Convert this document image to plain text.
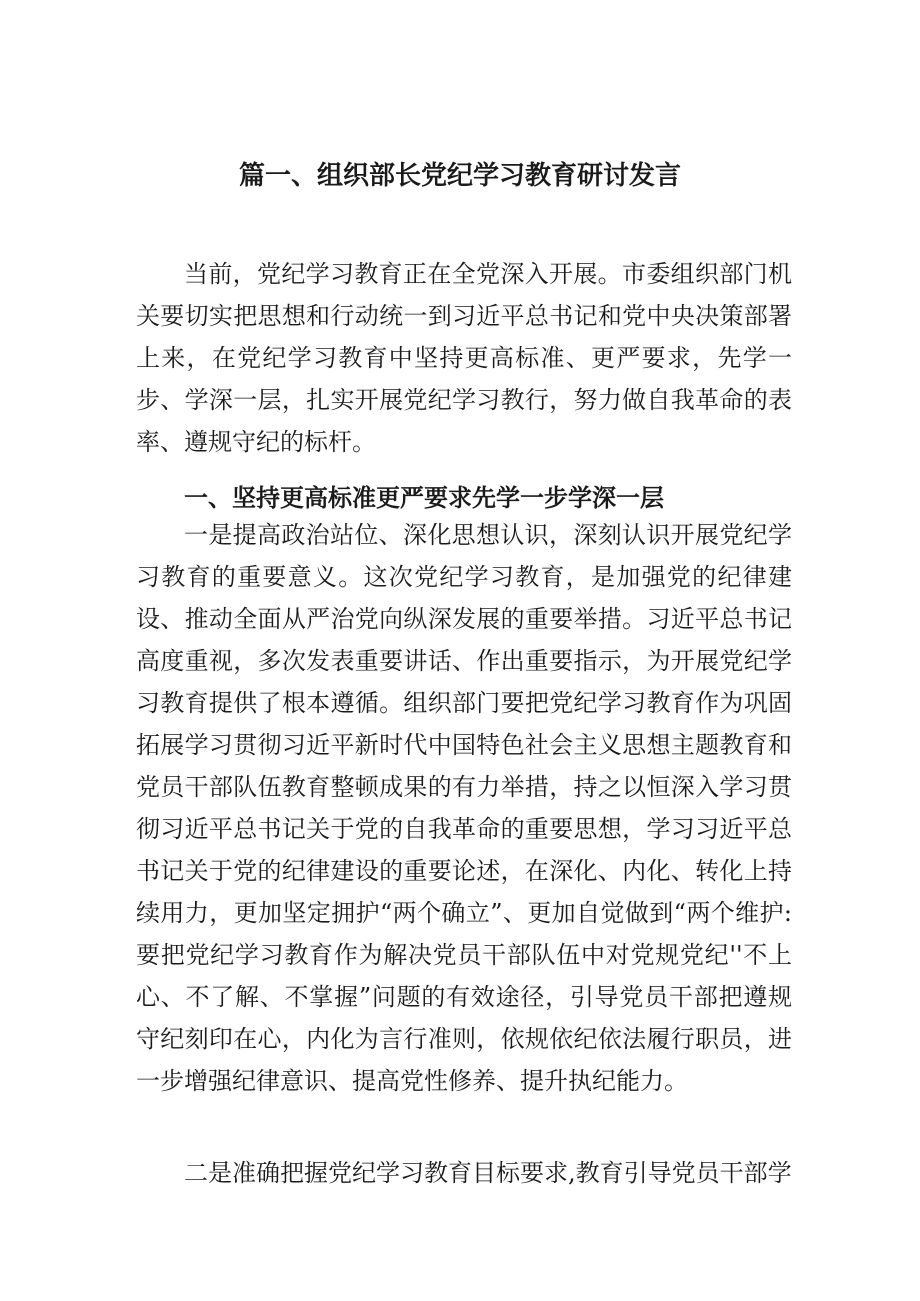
篇一、组织部长党纪学习教育研讨发言

当前，党纪学习教育正在全党深入开展。市委组织部门机关要切实把思想和行动统一到习近平总书记和党中央决策部署上来，在党纪学习教育中坚持更高标准、更严要求，先学一步、学深一层，扎实开展党纪学习教行，努力做自我革命的表率、遵规守纪的标杆。

一、坚持更高标准更严要求先学一步学深一层

一是提高政治站位、深化思想认识，深刻认识开展党纪学习教育的重要意义。这次党纪学习教育，是加强党的纪律建设、推动全面从严治党向纵深发展的重要举措。习近平总书记高度重视，多次发表重要讲话、作出重要指示，为开展党纪学习教育提供了根本遵循。组织部门要把党纪学习教育作为巩固拓展学习贯彻习近平新时代中国特色社会主义思想主题教育和党员干部队伍教育整顿成果的有力举措，持之以恒深入学习贯彻习近平总书记关于党的自我革命的重要思想，学习习近平总书记关于党的纪律建设的重要论述，在深化、内化、转化上持续用力，更加坚定拥护“两个确立”、更加自觉做到“两个维护:要把党纪学习教育作为解决党员干部队伍中对党规党纪''不上心、不了解、不掌握”问题的有效途径，引导党员干部把遵规守纪刻印在心，内化为言行准则，依规依纪依法履行职员，进一步增强纪律意识、提高党性修养、提升执纪能力。

二是准确把握党纪学习教育目标要求,教育引导党员干部学
